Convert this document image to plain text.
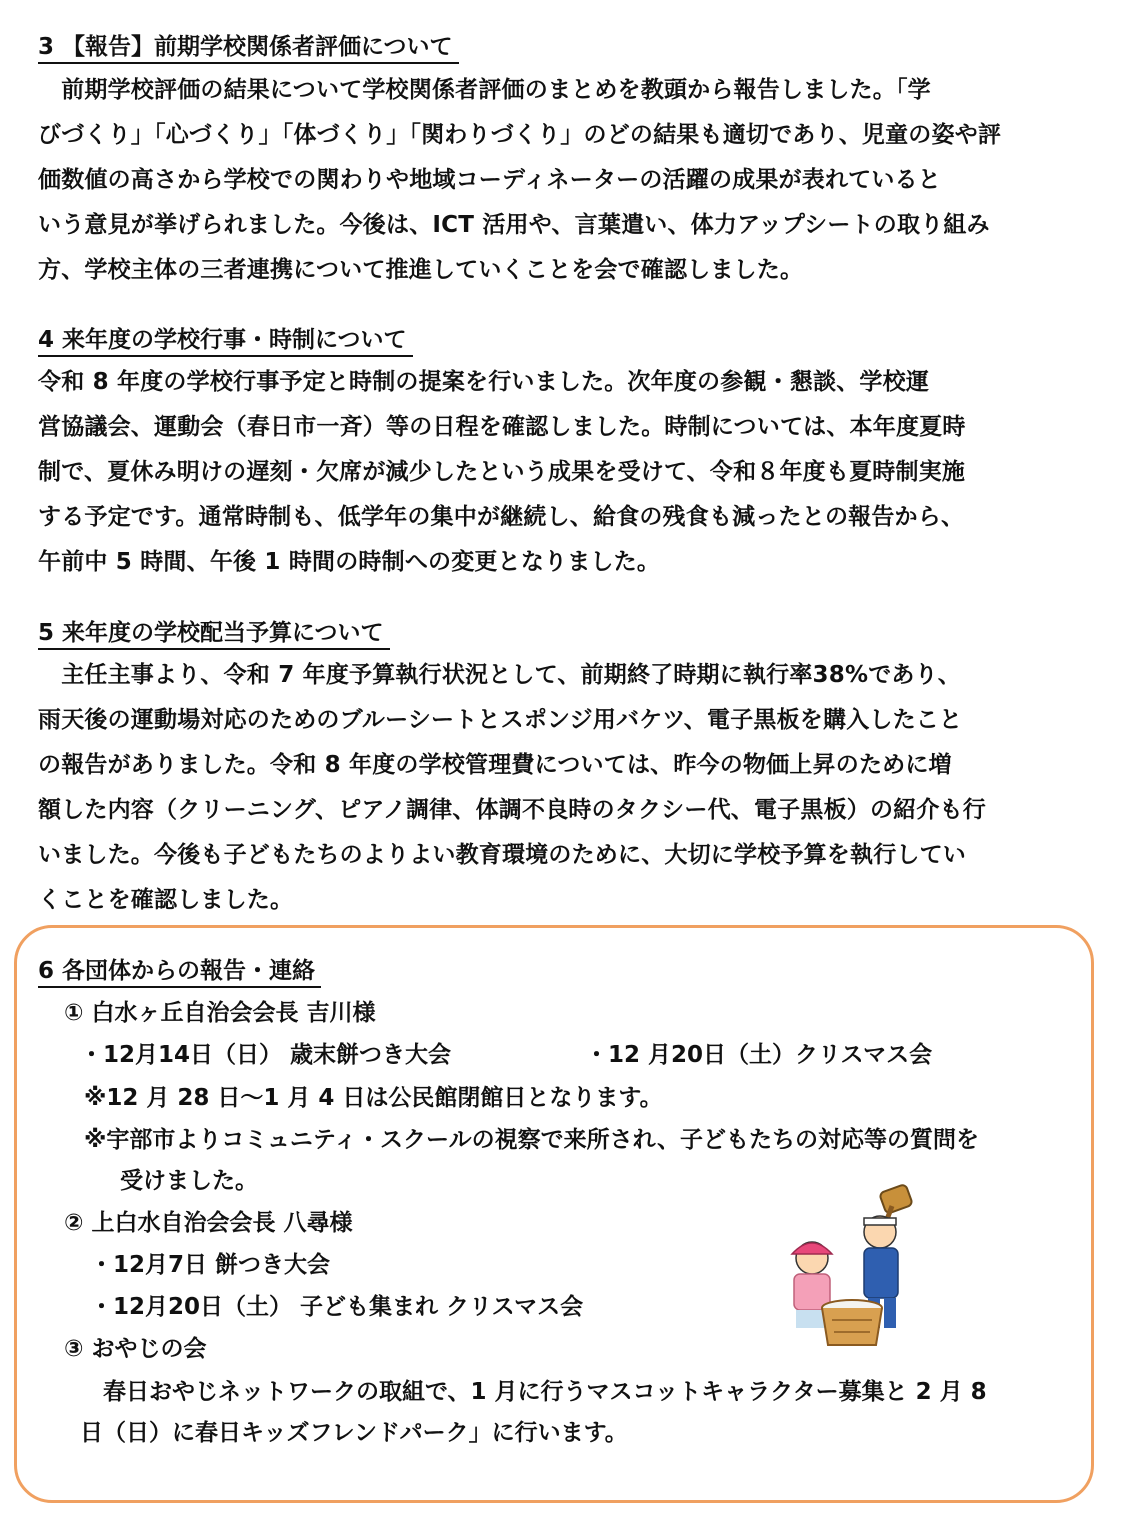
3 【報告】前期学校関係者評価について
　前期学校評価の結果について学校関係者評価のまとめを教頭から報告しました。「学
びづくり」「心づくり」「体づくり」「関わりづくり」のどの結果も適切であり、児童の姿や評
価数値の高さから学校での関わりや地域コーディネーターの活躍の成果が表れていると
いう意見が挙げられました。今後は、ICT 活用や、言葉遣い、体力アップシートの取り組み
方、学校主体の三者連携について推進していくことを会で確認しました。
4 来年度の学校行事・時制について
令和 8 年度の学校行事予定と時制の提案を行いました。次年度の参観・懇談、学校運
営協議会、運動会（春日市一斉）等の日程を確認しました。時制については、本年度夏時
制で、夏休み明けの遅刻・欠席が減少したという成果を受けて、令和８年度も夏時制実施
する予定です。通常時制も、低学年の集中が継続し、給食の残食も減ったとの報告から、
午前中 5 時間、午後 1 時間の時制への変更となりました。
5 来年度の学校配当予算について
　主任主事より、令和 7 年度予算執行状況として、前期終了時期に執行率38%であり、
雨天後の運動場対応のためのブルーシートとスポンジ用バケツ、電子黒板を購入したこと
の報告がありました。令和 8 年度の学校管理費については、昨今の物価上昇のために増
額した内容（クリーニング、ピアノ調律、体調不良時のタクシー代、電子黒板）の紹介も行
いました。今後も子どもたちのよりよい教育環境のために、大切に学校予算を執行してい
くことを確認しました。
6 各団体からの報告・連絡
① 白水ヶ丘自治会会長 吉川様
・12月14日（日） 歳末餅つき大会	・12 月20日（土）クリスマス会
※12 月 28 日～1 月 4 日は公民館閉館日となります。
※宇部市よりコミュニティ・スクールの視察で来所され、子どもたちの対応等の質問を
受けました。
② 上白水自治会会長 八尋様
・12月7日 餅つき大会
・12月20日（土） 子ども集まれ クリスマス会
③ おやじの会
　春日おやじネットワークの取組で、1 月に行うマスコットキャラクター募集と 2 月 8
日（日）に春日キッズフレンドパーク」に行います。
